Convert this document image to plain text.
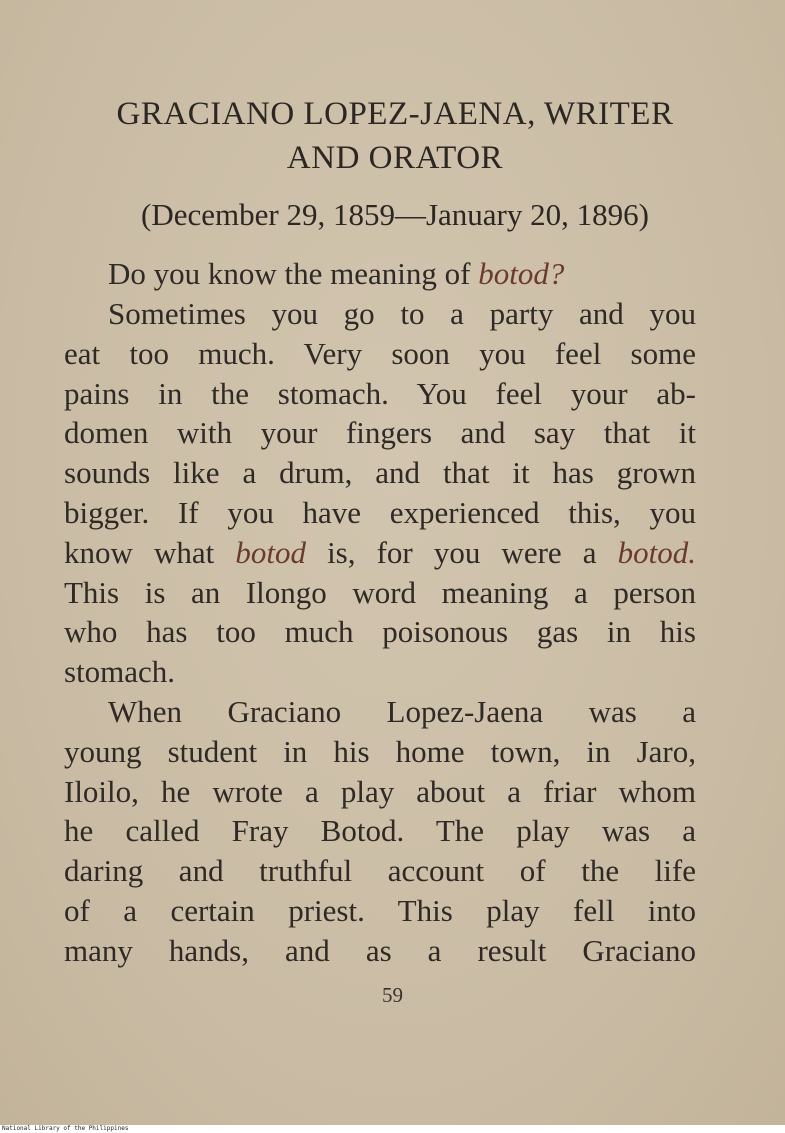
GRACIANO LOPEZ-JAENA, WRITER
AND ORATOR
(December 29, 1859—January 20, 1896)
Do you know the meaning of botod?
Sometimes you go to a party and you
eat too much. Very soon you feel some
pains in the stomach. You feel your ab-
domen with your fingers and say that it
sounds like a drum, and that it has grown
bigger. If you have experienced this, you
know what botod is, for you were a botod.
This is an Ilongo word meaning a person
who has too much poisonous gas in his
stomach.
When Graciano Lopez-Jaena was a
young student in his home town, in Jaro,
Iloilo, he wrote a play about a friar whom
he called Fray Botod. The play was a
daring and truthful account of the life
of a certain priest. This play fell into
many hands, and as a result Graciano
59
National Library of the Philippines
